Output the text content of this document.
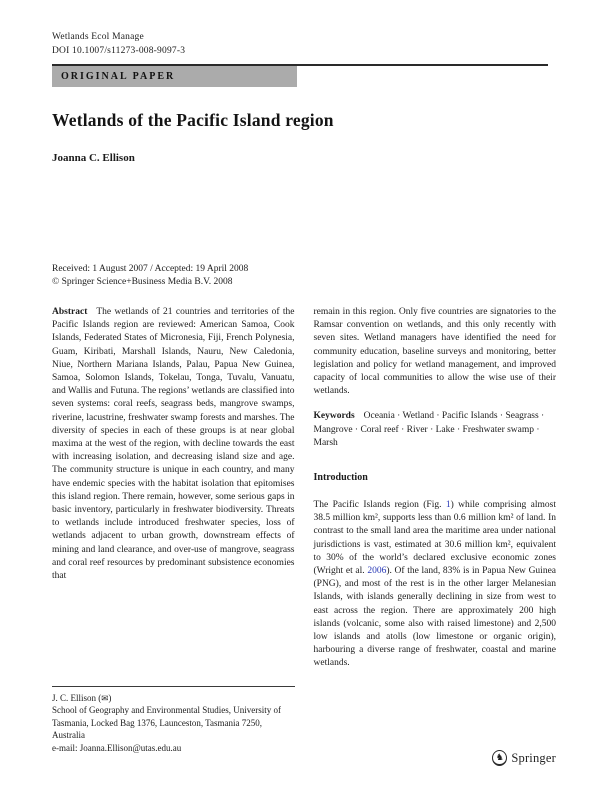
Wetlands Ecol Manage
DOI 10.1007/s11273-008-9097-3
ORIGINAL PAPER
Wetlands of the Pacific Island region
Joanna C. Ellison
Received: 1 August 2007 / Accepted: 19 April 2008
© Springer Science+Business Media B.V. 2008

Abstract The wetlands of 21 countries and territories of the Pacific Islands region are reviewed: American Samoa, Cook Islands, Federated States of Micronesia, Fiji, French Polynesia, Guam, Kiribati, Marshall Islands, Nauru, New Caledonia, Niue, Northern Mariana Islands, Palau, Papua New Guinea, Samoa, Solomon Islands, Tokelau, Tonga, Tuvalu, Vanuatu, and Wallis and Futuna. The regions’ wetlands are classified into seven systems: coral reefs, seagrass beds, mangrove swamps, riverine, lacustrine, freshwater swamp forests and marshes. The diversity of species in each of these groups is at near global maxima at the west of the region, with decline towards the east with increasing isolation, and decreasing island size and age. The community structure is unique in each country, and many have endemic species with the habitat isolation that epitomises this island region. There remain, however, some serious gaps in basic inventory, particularly in freshwater biodiversity. Threats to wetlands include introduced freshwater species, loss of wetlands adjacent to urban growth, downstream effects of mining and land clearance, and over-use of mangrove, seagrass and coral reef resources by predominant subsistence economies that

J. C. Ellison (✉)
School of Geography and Environmental Studies, University of Tasmania, Locked Bag 1376, Launceston, Tasmania 7250, Australia
e-mail: Joanna.Ellison@utas.edu.au

remain in this region. Only five countries are signatories to the Ramsar convention on wetlands, and this only recently with seven sites. Wetland managers have identified the need for community education, baseline surveys and monitoring, better legislation and policy for wetland management, and improved capacity of local communities to allow the wise use of their wetlands.

Keywords Oceania · Wetland · Pacific Islands · Seagrass · Mangrove · Coral reef · River · Lake · Freshwater swamp · Marsh

Introduction

The Pacific Islands region (Fig. 1) while comprising almost 38.5 million km², supports less than 0.6 million km² of land. In contrast to the small land area the maritime area under national jurisdictions is vast, estimated at 30.6 million km², equivalent to 30% of the world’s declared exclusive economic zones (Wright et al. 2006). Of the land, 83% is in Papua New Guinea (PNG), and most of the rest is in the other larger Melanesian Islands, with islands generally declining in size from west to east across the region. There are approximately 200 high islands (volcanic, some also with raised limestone) and 2,500 low islands and atolls (low limestone or organic origin), harbouring a diverse range of freshwater, coastal and marine wetlands.

♞ Springer
